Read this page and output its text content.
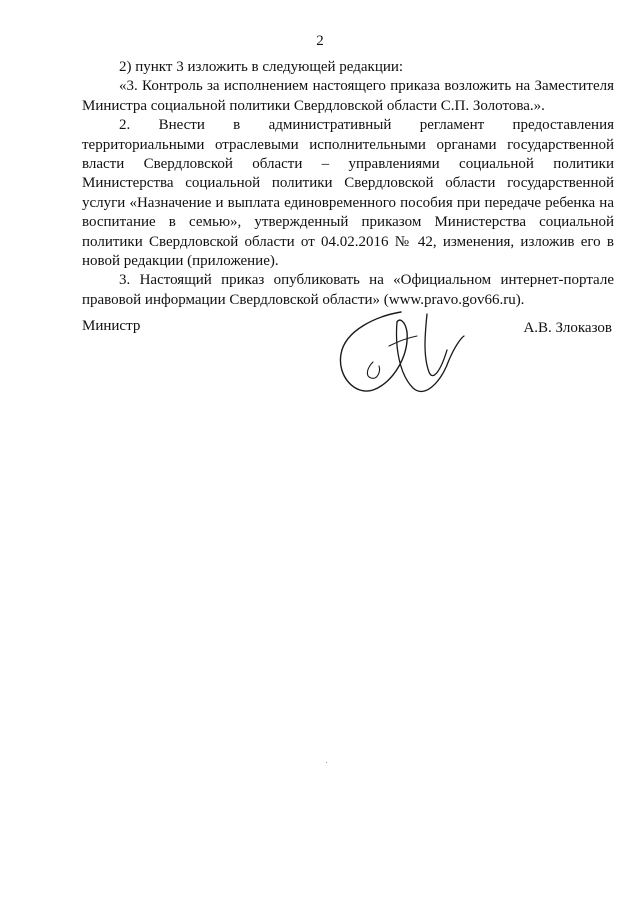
2

2) пункт 3 изложить в следующей редакции:

«3. Контроль за исполнением настоящего приказа возложить на Заместителя Министра социальной политики Свердловской области С.П. Золотова.».

2. Внести в административный регламент предоставления территориальными отраслевыми исполнительными органами государственной власти Свердловской области – управлениями социальной политики Министерства социальной политики Свердловской области государственной услуги «Назначение и выплата единовременного пособия при передаче ребенка на воспитание в семью», утвержденный приказом Министерства социальной политики Свердловской области от 04.02.2016 № 42, изменения, изложив его в новой редакции (приложение).

3. Настоящий приказ опубликовать на «Официальном интернет-портале правовой информации Свердловской области» (www.pravo.gov66.ru).

Министр	А.В. Злоказов
